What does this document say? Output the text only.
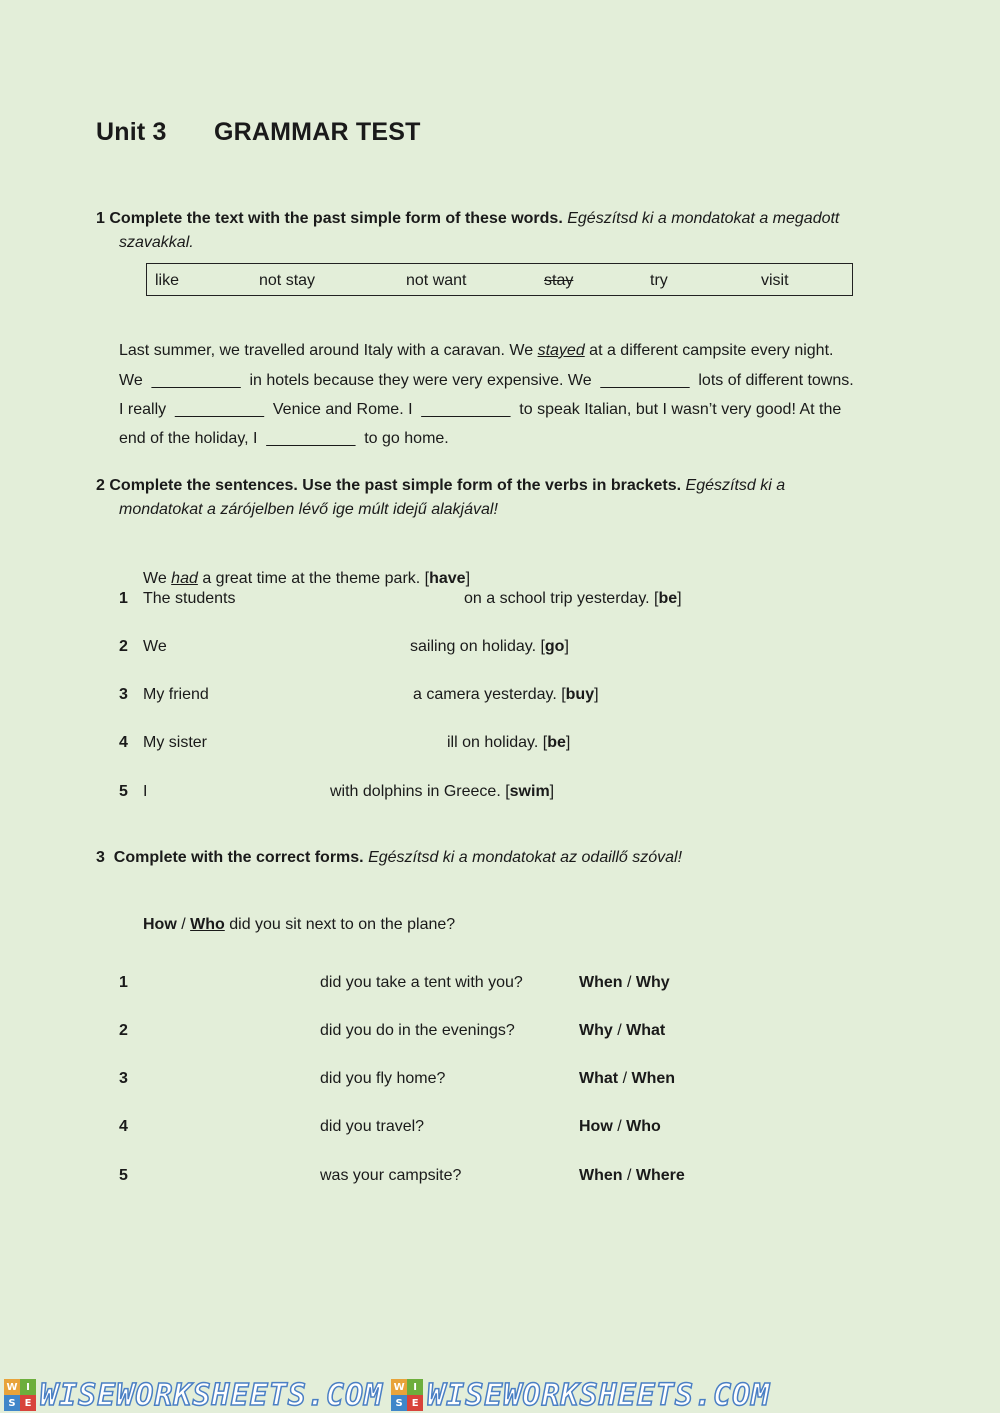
Unit 3 GRAMMAR TEST
1 Complete the text with the past simple form of these words. Egészítsd ki a mondatokat a megadott
szavakkal.
like	not stay	not want	stay	try	visit
Last summer, we travelled around Italy with a caravan. We stayed at a different campsite every night.
We __________ in hotels because they were very expensive. We __________ lots of different towns.
I really __________ Venice and Rome. I __________ to speak Italian, but I wasn’t very good! At the
end of the holiday, I __________ to go home.
2 Complete the sentences. Use the past simple form of the verbs in brackets. Egészítsd ki a
mondatokat a zárójelben lévő ige múlt idejű alakjával!
We had a great time at the theme park. [have]
1 The students	on a school trip yesterday. [be]
2 We	sailing on holiday. [go]
3 My friend	a camera yesterday. [buy]
4 My sister	ill on holiday. [be]
5 I	with dolphins in Greece. [swim]
3 Complete with the correct forms. Egészítsd ki a mondatokat az odaillő szóval!
How / Who did you sit next to on the plane?
1	did you take a tent with you?	When / Why
2	did you do in the evenings?	Why / What
3	did you fly home?	What / When
4	did you travel?	How / Who
5	was your campsite?	When / Where
W I
S E WISEWORKSHEETS.COM W I
S E WISEWORKSHEETS.COM
